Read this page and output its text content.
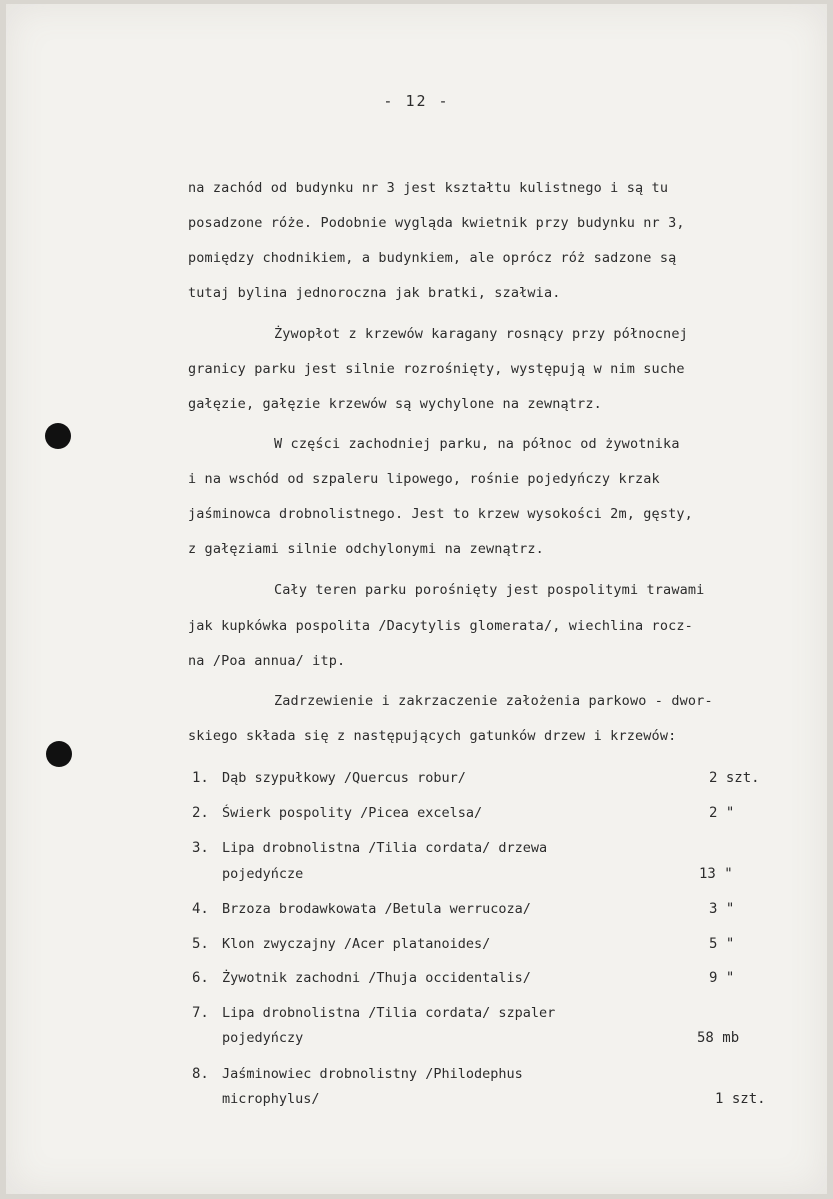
- 12 -
na zachód od budynku nr 3 jest kształtu kulistnego i są tu
posadzone róże. Podobnie wygląda kwietnik przy budynku nr 3,
pomiędzy chodnikiem, a budynkiem, ale oprócz róż sadzone są
tutaj bylina jednoroczna jak bratki, szałwia.
Żywopłot z krzewów karagany rosnący przy północnej
granicy parku jest silnie rozrośnięty, występują w nim suche
gałęzie, gałęzie krzewów są wychylone na zewnątrz.
W części zachodniej parku, na północ od żywotnika
i na wschód od szpaleru lipowego, rośnie pojedyńczy krzak
jaśminowca drobnolistnego. Jest to krzew wysokości 2m, gęsty,
z gałęziami silnie odchylonymi na zewnątrz.
Cały teren parku porośnięty jest pospolitymi trawami
jak kupkówka pospolita /Dacytylis glomerata/, wiechlina rocz-
na /Poa annua/ itp.
Zadrzewienie i zakrzaczenie założenia parkowo - dwor-
skiego składa się z następujących gatunków drzew i krzewów:
1. Dąb szypułkowy /Quercus robur/	2 szt.
2. Świerk pospolity /Picea excelsa/	2 "
3. Lipa drobnolistna /Tilia cordata/ drzewa
pojedyńcze	13 "
4. Brzoza brodawkowata /Betula werrucoza/	3 "
5. Klon zwyczajny /Acer platanoides/	5 "
6. Żywotnik zachodni /Thuja occidentalis/	9 "
7. Lipa drobnolistna /Tilia cordata/ szpaler
pojedyńczy	58 mb
8. Jaśminowiec drobnolistny /Philodephus
microphylus/	1 szt.
